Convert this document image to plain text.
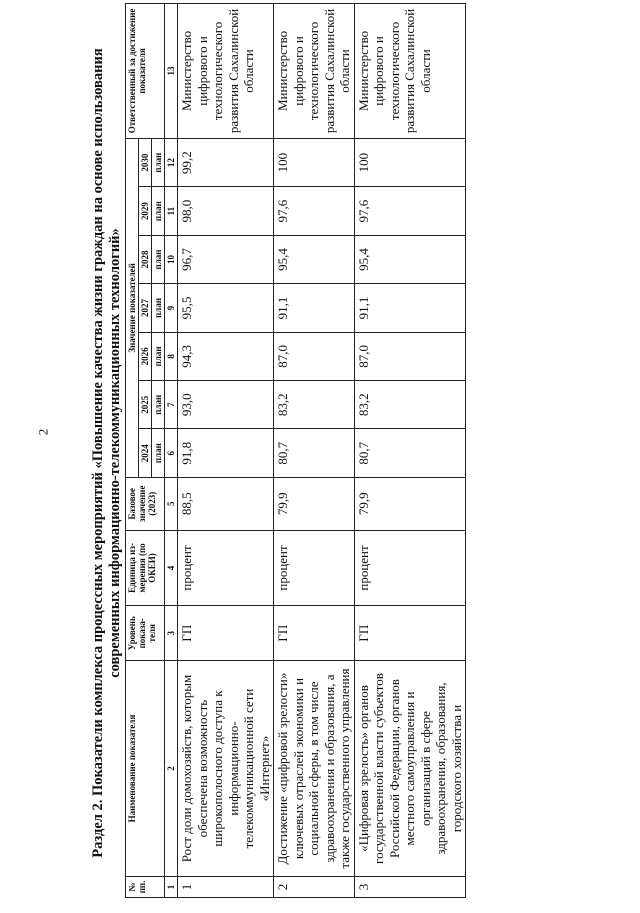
2	Раздел 2. Показатели комплекса процессных мероприятий «Повышение качества жизни граждан на основе использования современных информационно-телекоммуникационных технологий»
№ пп.	Наименование показателя	Уровень показа-теля	Единица из-мерения (по ОКЕИ)	Базовое значение (2023)	Значение показателей							Ответственный за достижение показателя
					2024	2025	2026	2027	2028	2029	2030	
					план	план	план	план	план	план	план	
1	2	3	4	5	6	7	8	9	10	11	12	13
1	Рост доли домохозяйств, которым обеспечена возможность широкополосного доступа к информационно-телекоммуникационной сети «Интернет»	ГП	процент	88,5	91,8	93,0	94,3	95,5	96,7	98,0	99,2	Министерство цифрового и технологического развития Сахалинской области
2	Достижение «цифровой зрелости» ключевых отраслей экономики и социальной сферы, в том числе здравоохранения и образования, а также государственного управления	ГП	процент	79,9	80,7	83,2	87,0	91,1	95,4	97,6	100	Министерство цифрового и технологического развития Сахалинской области
3	«Цифровая зрелость» органов государственной власти субъектов Российской Федерации, органов местного самоуправления и организаций в сфере здравоохранения, образования, городского хозяйства и	ГП	процент	79,9	80,7	83,2	87,0	91,1	95,4	97,6	100	Министерство цифрового и технологического развития Сахалинской области
